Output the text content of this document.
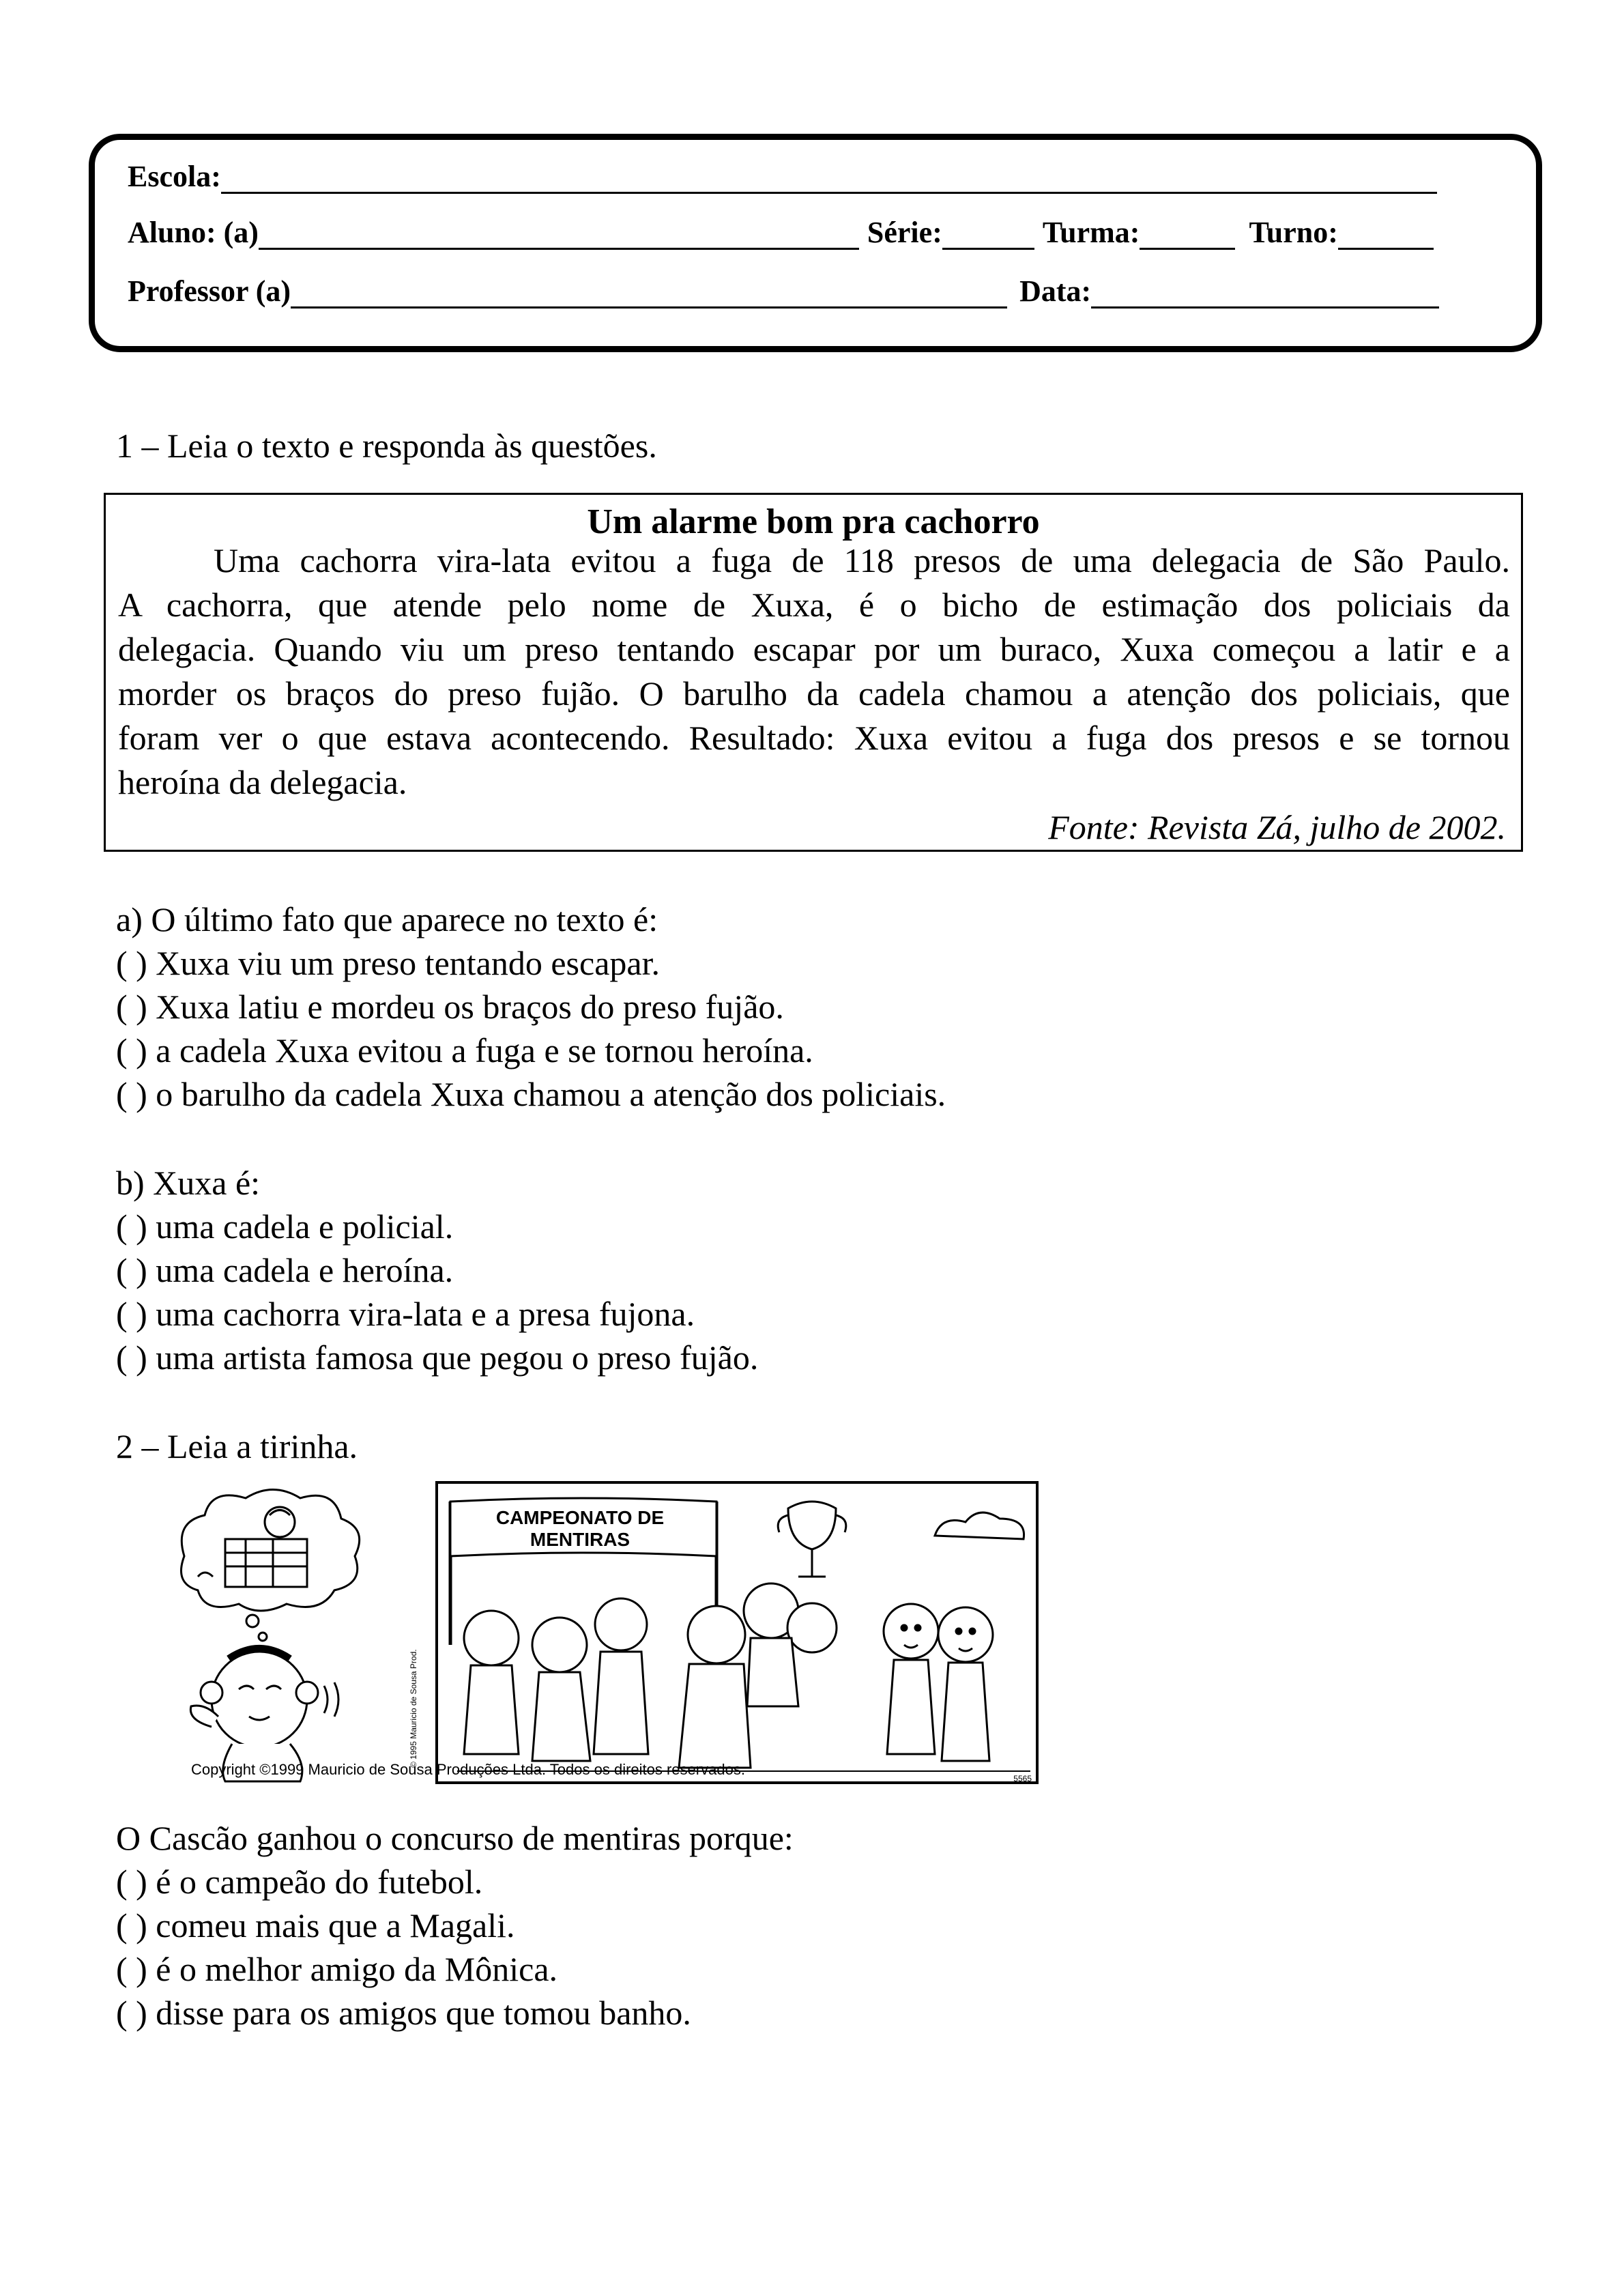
Escola:
Aluno: (a)	Série:	Turma:	Turno:
Professor (a)	Data:
1 – Leia o texto e responda às questões.
Um alarme bom pra cachorro
Uma cachorra vira-lata evitou a fuga de 118 presos de uma delegacia de São Paulo.
A cachorra, que atende pelo nome de Xuxa, é o bicho de estimação dos policiais da
delegacia. Quando viu um preso tentando escapar por um buraco, Xuxa começou a latir e a
morder os braços do preso fujão. O barulho da cadela chamou a atenção dos policiais, que
foram ver o que estava acontecendo. Resultado: Xuxa evitou a fuga dos presos e se tornou
heroína da delegacia.
Fonte: Revista Zá, julho de 2002.
a) O último fato que aparece no texto é:
( ) Xuxa viu um preso tentando escapar.
( ) Xuxa latiu e mordeu os braços do preso fujão.
( ) a cadela Xuxa evitou a fuga e se tornou heroína.
( ) o barulho da cadela Xuxa chamou a atenção dos policiais.
b) Xuxa é:
( ) uma cadela e policial.
( ) uma cadela e heroína.
( ) uma cachorra vira-lata e a presa fujona.
( ) uma artista famosa que pegou o preso fujão.
2 – Leia a tirinha.
© 1995 Mauricio de Sousa Prod.
CAMPEONATO DE
MENTIRAS
5565
Copyright ©1999 Mauricio de Sousa Produções Ltda. Todos os direitos reservados.
O Cascão ganhou o concurso de mentiras porque:
( ) é o campeão do futebol.
( ) comeu mais que a Magali.
( ) é o melhor amigo da Mônica.
( ) disse para os amigos que tomou banho.
